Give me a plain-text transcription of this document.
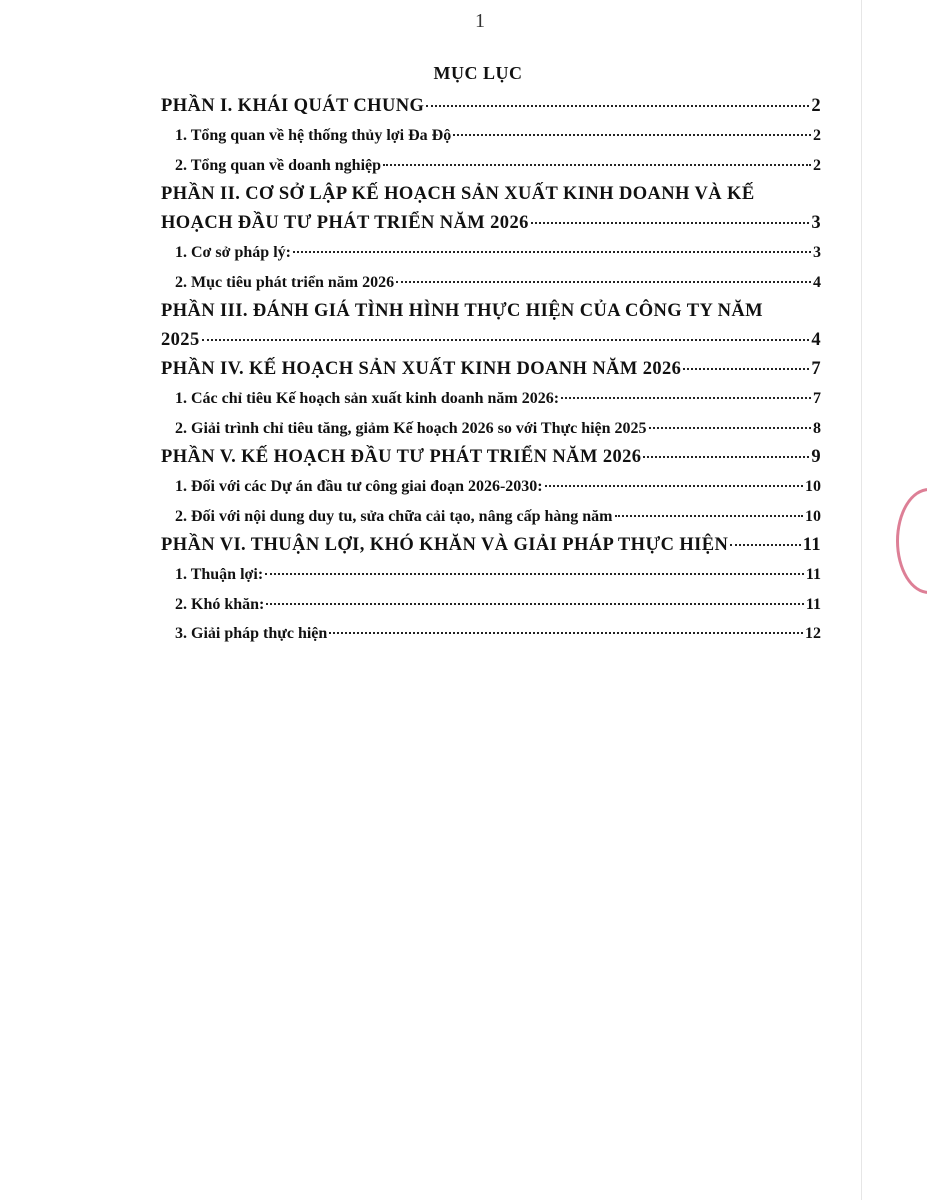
1
MỤC LỤC
PHẦN I. KHÁI QUÁT CHUNG	2
1. Tổng quan về hệ thống thủy lợi Đa Độ	2
2. Tổng quan về doanh nghiệp	2
PHẦN II. CƠ SỞ LẬP KẾ HOẠCH SẢN XUẤT KINH DOANH VÀ KẾ
HOẠCH ĐẦU TƯ PHÁT TRIỂN NĂM 2026	3
1. Cơ sở pháp lý:	3
2. Mục tiêu phát triển năm 2026	4
PHẦN III. ĐÁNH GIÁ TÌNH HÌNH THỰC HIỆN CỦA CÔNG TY NĂM
2025	4
PHẦN IV. KẾ HOẠCH SẢN XUẤT KINH DOANH NĂM 2026	7
1. Các chỉ tiêu Kế hoạch sản xuất kinh doanh năm 2026:	7
2. Giải trình chỉ tiêu tăng, giảm Kế hoạch 2026 so với Thực hiện 2025	8
PHẦN V. KẾ HOẠCH ĐẦU TƯ PHÁT TRIỂN NĂM 2026	9
1. Đối với các Dự án đầu tư công giai đoạn 2026-2030:	10
2. Đối với nội dung duy tu, sửa chữa cải tạo, nâng cấp hàng năm	10
PHẦN VI. THUẬN LỢI, KHÓ KHĂN VÀ GIẢI PHÁP THỰC HIỆN	11
1. Thuận lợi:	11
2. Khó khăn:	11
3. Giải pháp thực hiện	12
